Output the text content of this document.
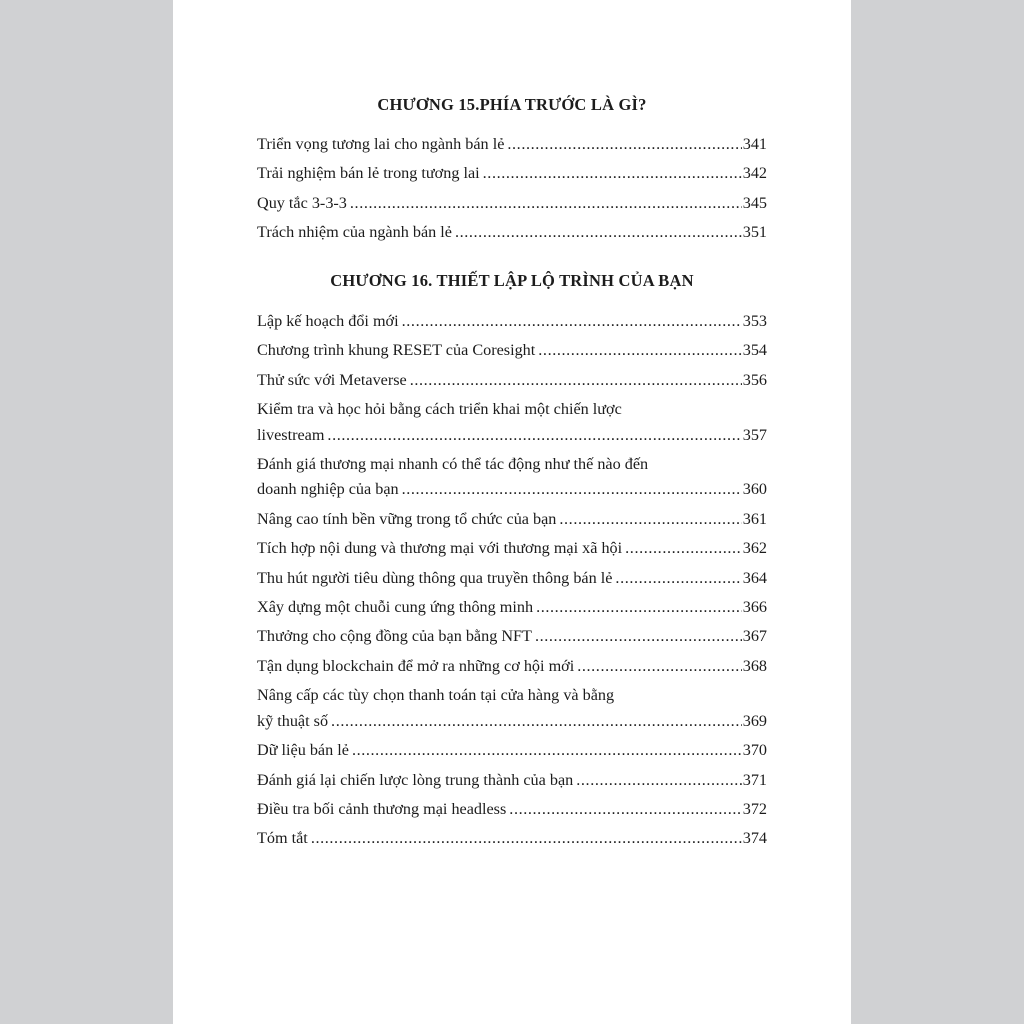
CHƯƠNG 15.PHÍA TRƯỚC LÀ GÌ?
Triển vọng tương lai cho ngành bán lẻ .....	341
Trải nghiệm bán lẻ trong tương lai .....	342
Quy tắc 3-3-3 .....	345
Trách nhiệm của ngành bán lẻ .....	351
CHƯƠNG 16. THIẾT LẬP LỘ TRÌNH CỦA BẠN
Lập kế hoạch đổi mới .....	353
Chương trình khung RESET của Coresight .....	354
Thử sức với Metaverse .....	356
Kiểm tra và học hỏi bằng cách triển khai một chiến lược
livestream .....	357
Đánh giá thương mại nhanh có thể tác động như thế nào đến
doanh nghiệp của bạn .....	360
Nâng cao tính bền vững trong tổ chức của bạn .....	361
Tích hợp nội dung và thương mại với thương mại xã hội .....	362
Thu hút người tiêu dùng thông qua truyền thông bán lẻ .....	364
Xây dựng một chuỗi cung ứng thông minh .....	366
Thưởng cho cộng đồng của bạn bằng NFT .....	367
Tận dụng blockchain để mở ra những cơ hội mới .....	368
Nâng cấp các tùy chọn thanh toán tại cửa hàng và bằng
kỹ thuật số .....	369
Dữ liệu bán lẻ .....	370
Đánh giá lại chiến lược lòng trung thành của bạn .....	371
Điều tra bối cảnh thương mại headless .....	372
Tóm tắt .....	374
